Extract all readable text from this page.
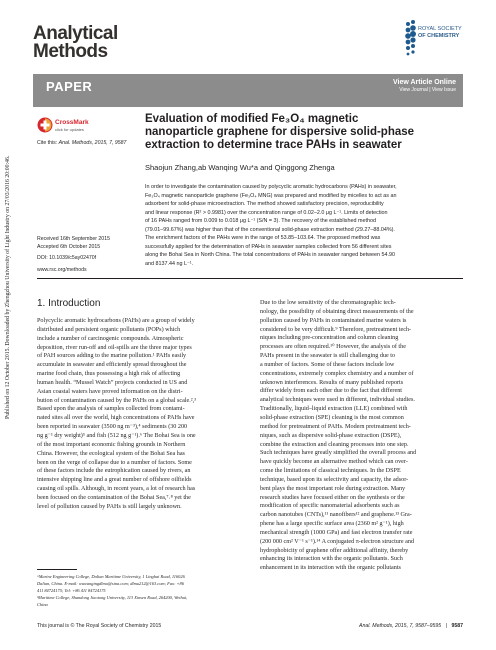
Analytical
Methods
ROYAL SOCIETY
OF CHEMISTRY
PAPER	View Article Online
View Journal | View Issue
Published on 12 October 2015. Downloaded by Zhengzhou University of Light Industry on 27/03/2016 20:00:46.
CrossMark
click for updates
Cite this: Anal. Methods, 2015, 7, 9587
Received 16th September 2015
Accepted 6th October 2015
DOI: 10.1039/c5ay02470f
www.rsc.org/methods
Evaluation of modified Fe₃O₄ magnetic
nanoparticle graphene for dispersive solid-phase
extraction to determine trace PAHs in seawater
Shaojun Zhang,ab Wanqing Wu*a and Qinggong Zhenga
In order to investigate the contamination caused by polycyclic aromatic hydrocarbons (PAHs) in seawater,
Fe₃O₄ magnetic nanoparticle graphene (Fe₃O₄ MNG) was prepared and modified by micelles to act as an
adsorbent for solid-phase microextraction. The method showed satisfactory precision, reproducibility
and linear response (R² > 0.9981) over the concentration range of 0.02–2.0 μg L⁻¹. Limits of detection
of 16 PAHs ranged from 0.009 to 0.018 μg L⁻¹ (S/N = 3). The recovery of the established method
(79.01–99.67%) was higher than that of the conventional solid-phase extraction method (29.27–88.04%).
The enrichment factors of the PAHs were in the range of 53.85–103.64. The proposed method was
successfully applied for the determination of PAHs in seawater samples collected from 56 different sites
along the Bohai Sea in North China. The total concentrations of PAHs in seawater ranged between 54.90
and 8137.44 ng L⁻¹.
1. Introduction
Polycyclic aromatic hydrocarbons (PAHs) are a group of widely
distributed and persistent organic pollutants (POPs) which
include a number of carcinogenic compounds. Atmospheric
deposition, river run-off and oil-spills are the three major types
of PAH sources adding to the marine pollution.¹ PAHs easily
accumulate in seawater and efficiently spread throughout the
marine food chain, thus possessing a high risk of affecting
human health. “Mussel Watch” projects conducted in US and
Asian coastal waters have proved information on the distri-
bution of contamination caused by the PAHs on a global scale.²,³
Based upon the analysis of samples collected from contami-
nated sites all over the world, high concentrations of PAHs have
been reported in seawater (3500 ng m⁻³),⁴ sediments (30 200
ng g⁻¹ dry weight)⁵ and fish (512 ng g⁻¹).⁶ The Bohai Sea is one
of the most important economic fishing grounds in Northern
China. However, the ecological system of the Bohai Sea has
been on the verge of collapse due to a number of factors. Some
of these factors include the eutrophication caused by rivers, an
intensive shipping line and a great number of offshore oilfields
causing oil spills. Although, in recent years, a lot of research has
been focused on the contamination of the Bohai Sea,⁷˒⁸ yet the
level of pollution caused by PAHs is still largely unknown.
ᵃMarine Engineering College, Dalian Maritime University, 1 Linghai Road, 116026
Dalian, China. E-mail: wuwangingdlmu@sina.com; dlmu212@163.com; Fax: +86
411 84724175; Tel: +86 411 84724175
ᵇMaritime College, Shandong Jiaotong University, 113 Xinsen Road, 264200, Weihai,
China
Due to the low sensitivity of the chromatographic tech-
nology, the possibility of obtaining direct measurements of the
pollution caused by PAHs in contaminated marine waters is
considered to be very difficult.⁹ Therefore, pretreatment tech-
niques including pre-concentration and column cleaning
processes are often required.¹⁰ However, the analysis of the
PAHs present in the seawater is still challenging due to
a number of factors. Some of these factors include low
concentrations, extremely complex chemistry and a number of
unknown interferences. Results of many published reports
differ widely from each other due to the fact that different
analytical techniques were used in different, individual studies.
Traditionally, liquid–liquid extraction (LLE) combined with
solid-phase extraction (SPE) cleaning is the most common
method for pretreatment of PAHs. Modern pretreatment tech-
niques, such as dispersive solid-phase extraction (DSPE),
combine the extraction and cleaning processes into one step.
Such techniques have greatly simplified the overall process and
have quickly become an alternative method which can over-
come the limitations of classical techniques. In the DSPE
technique, based upon its selectivity and capacity, the adsor-
bent plays the most important role during extraction. Many
research studies have focused either on the synthesis or the
modification of specific nanomaterial adsorbents such as
carbon nanotubes (CNTs),¹¹ nanofibers¹² and graphene.¹³ Gra-
phene has a large specific surface area (2360 m² g⁻¹), high
mechanical strength (1000 GPa) and fast electron transfer rate
(200 000 cm² V⁻¹ s⁻¹).¹⁴ A conjugated π-electron structure and
hydrophobicity of graphene offer additional affinity, thereby
enhancing its interaction with the organic pollutants. Such
enhancement in its interaction with the organic pollutants
This journal is © The Royal Society of Chemistry 2015	Anal. Methods, 2015, 7, 9587–9595 | 9587
